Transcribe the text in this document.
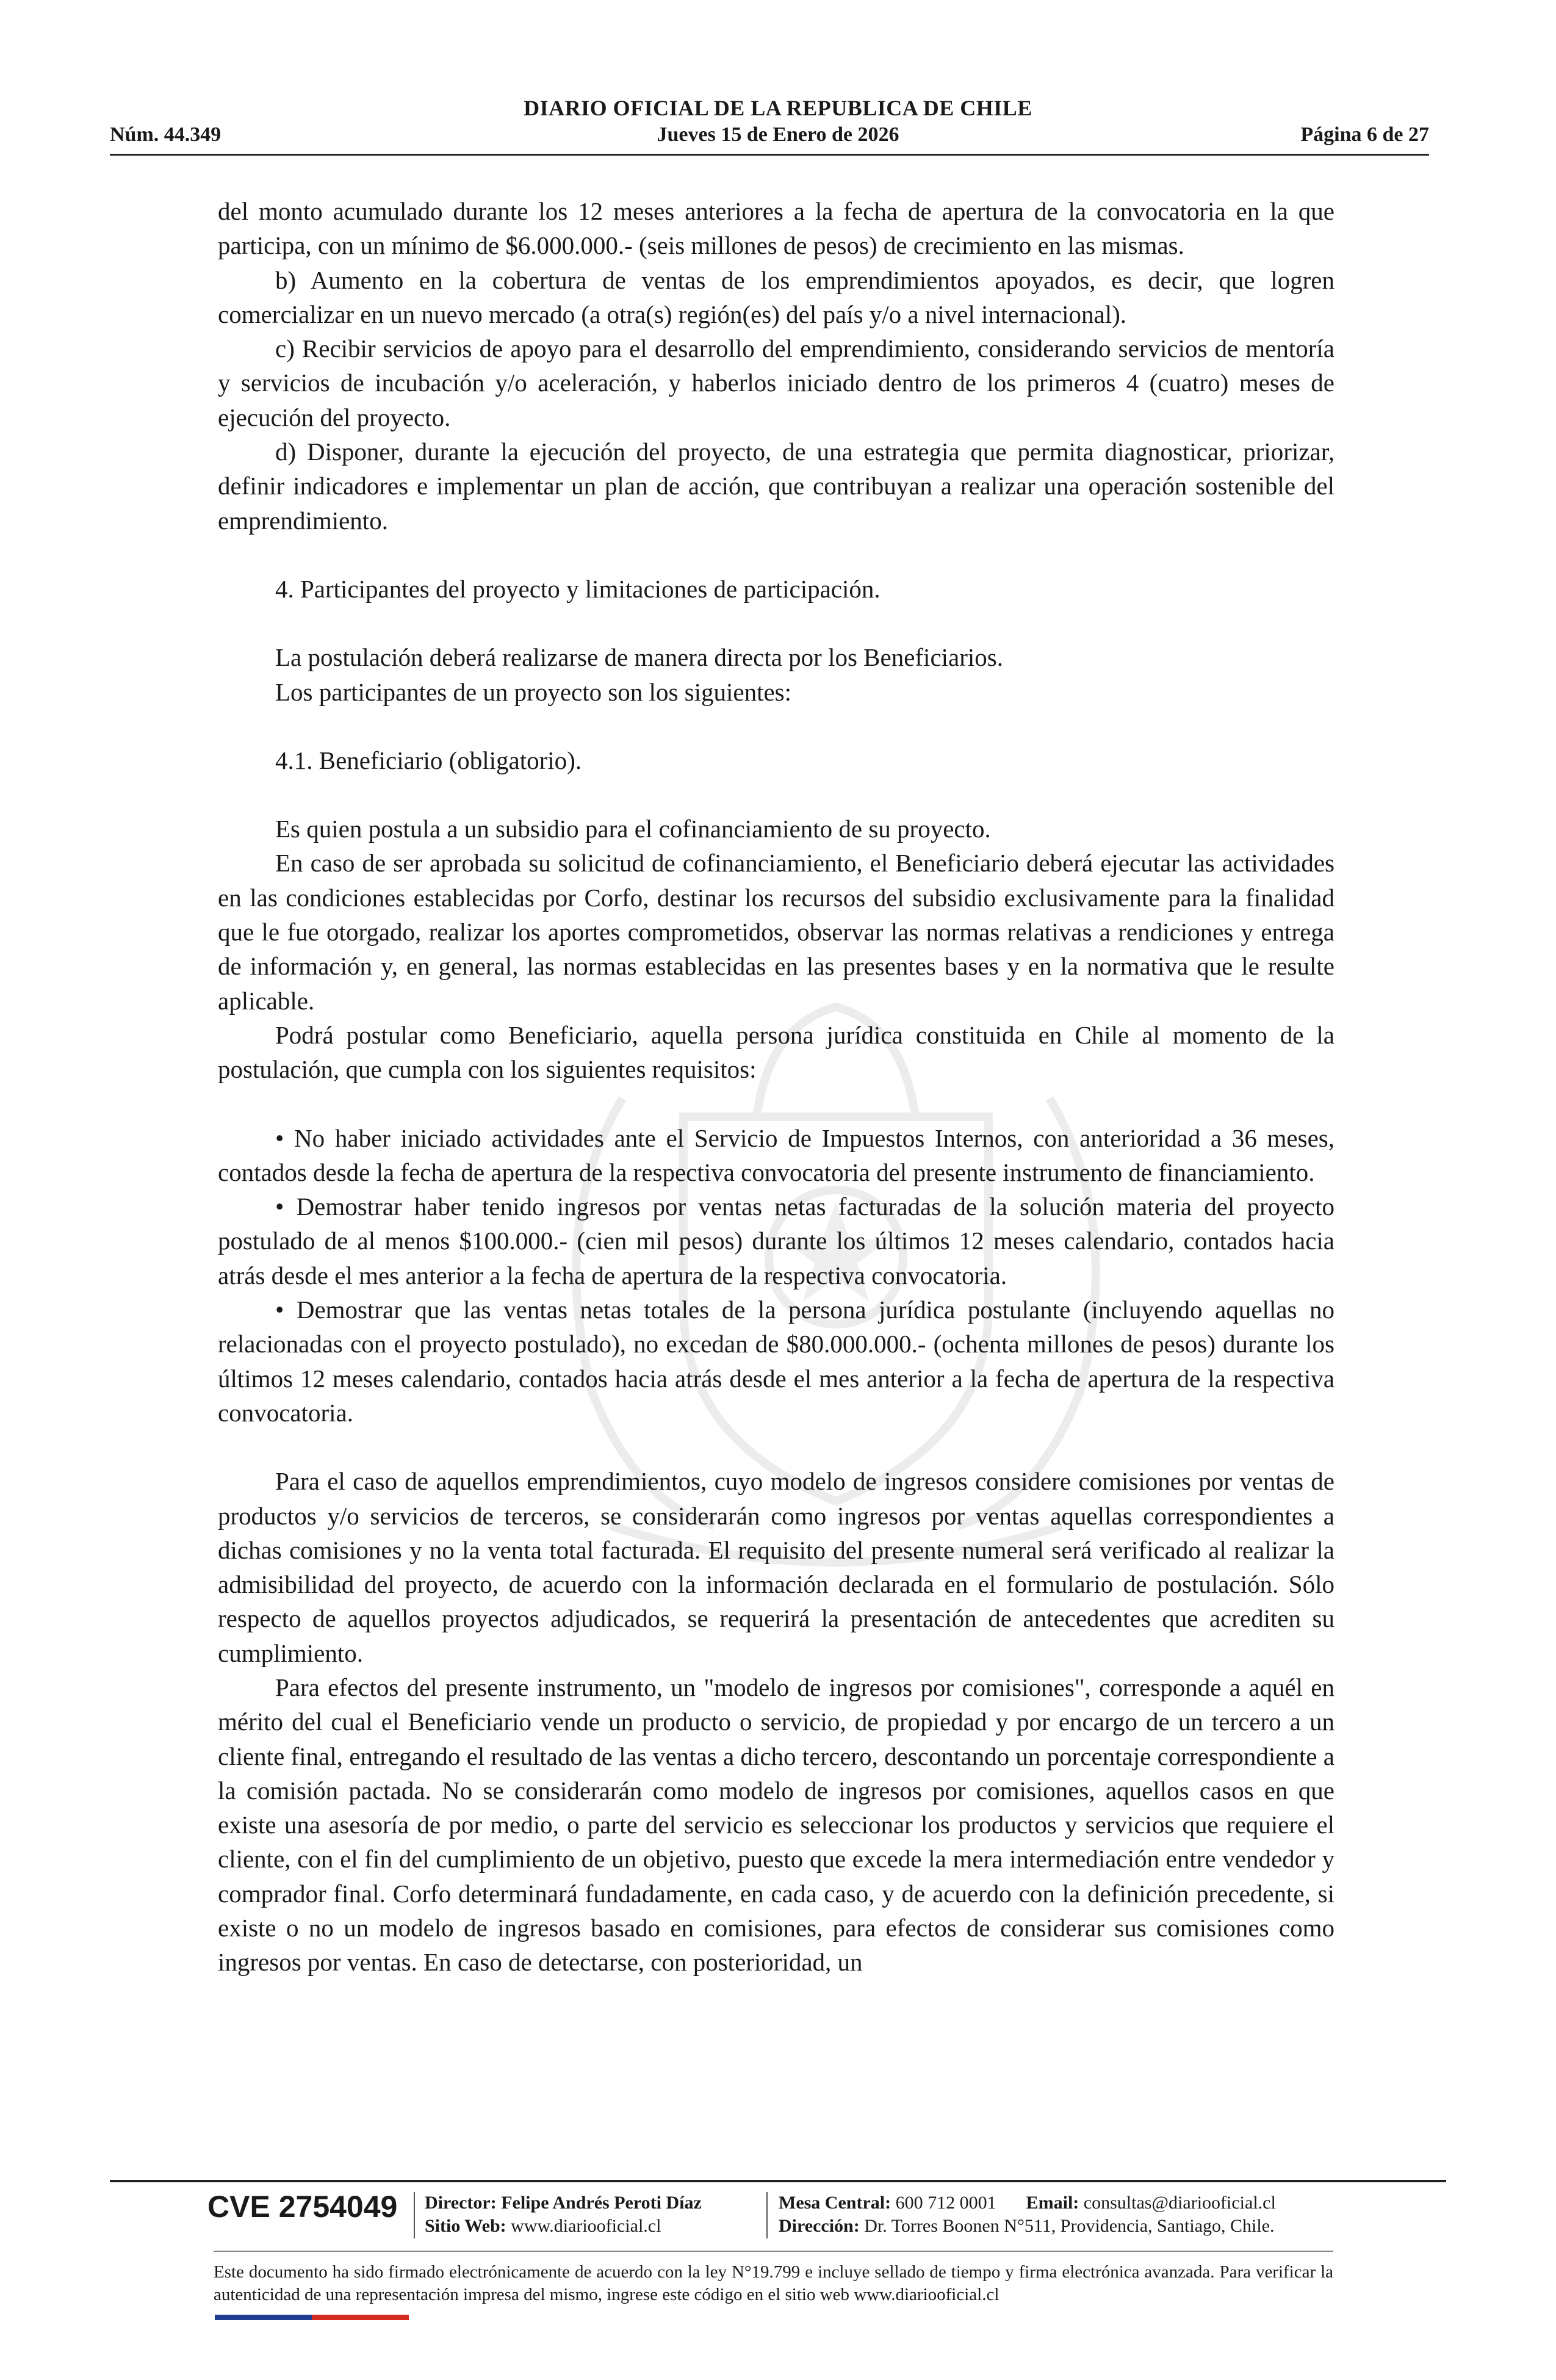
DIARIO OFICIAL DE LA REPUBLICA DE CHILE
Núm. 44.349	Jueves 15 de Enero de 2026	Página 6 de 27

del monto acumulado durante los 12 meses anteriores a la fecha de apertura de la convocatoria en la que participa, con un mínimo de $6.000.000.- (seis millones de pesos) de crecimiento en las mismas.

b) Aumento en la cobertura de ventas de los emprendimientos apoyados, es decir, que logren comercializar en un nuevo mercado (a otra(s) región(es) del país y/o a nivel internacional).

c) Recibir servicios de apoyo para el desarrollo del emprendimiento, considerando servicios de mentoría y servicios de incubación y/o aceleración, y haberlos iniciado dentro de los primeros 4 (cuatro) meses de ejecución del proyecto.

d) Disponer, durante la ejecución del proyecto, de una estrategia que permita diagnosticar, priorizar, definir indicadores e implementar un plan de acción, que contribuyan a realizar una operación sostenible del emprendimiento.

4. Participantes del proyecto y limitaciones de participación.

La postulación deberá realizarse de manera directa por los Beneficiarios.

Los participantes de un proyecto son los siguientes:

4.1. Beneficiario (obligatorio).

Es quien postula a un subsidio para el cofinanciamiento de su proyecto.

En caso de ser aprobada su solicitud de cofinanciamiento, el Beneficiario deberá ejecutar las actividades en las condiciones establecidas por Corfo, destinar los recursos del subsidio exclusivamente para la finalidad que le fue otorgado, realizar los aportes comprometidos, observar las normas relativas a rendiciones y entrega de información y, en general, las normas establecidas en las presentes bases y en la normativa que le resulte aplicable.

Podrá postular como Beneficiario, aquella persona jurídica constituida en Chile al momento de la postulación, que cumpla con los siguientes requisitos:

• No haber iniciado actividades ante el Servicio de Impuestos Internos, con anterioridad a 36 meses, contados desde la fecha de apertura de la respectiva convocatoria del presente instrumento de financiamiento.

• Demostrar haber tenido ingresos por ventas netas facturadas de la solución materia del proyecto postulado de al menos $100.000.- (cien mil pesos) durante los últimos 12 meses calendario, contados hacia atrás desde el mes anterior a la fecha de apertura de la respectiva convocatoria.

• Demostrar que las ventas netas totales de la persona jurídica postulante (incluyendo aquellas no relacionadas con el proyecto postulado), no excedan de $80.000.000.- (ochenta millones de pesos) durante los últimos 12 meses calendario, contados hacia atrás desde el mes anterior a la fecha de apertura de la respectiva convocatoria.

Para el caso de aquellos emprendimientos, cuyo modelo de ingresos considere comisiones por ventas de productos y/o servicios de terceros, se considerarán como ingresos por ventas aquellas correspondientes a dichas comisiones y no la venta total facturada. El requisito del presente numeral será verificado al realizar la admisibilidad del proyecto, de acuerdo con la información declarada en el formulario de postulación. Sólo respecto de aquellos proyectos adjudicados, se requerirá la presentación de antecedentes que acrediten su cumplimiento.

Para efectos del presente instrumento, un "modelo de ingresos por comisiones", corresponde a aquél en mérito del cual el Beneficiario vende un producto o servicio, de propiedad y por encargo de un tercero a un cliente final, entregando el resultado de las ventas a dicho tercero, descontando un porcentaje correspondiente a la comisión pactada. No se considerarán como modelo de ingresos por comisiones, aquellos casos en que existe una asesoría de por medio, o parte del servicio es seleccionar los productos y servicios que requiere el cliente, con el fin del cumplimiento de un objetivo, puesto que excede la mera intermediación entre vendedor y comprador final. Corfo determinará fundadamente, en cada caso, y de acuerdo con la definición precedente, si existe o no un modelo de ingresos basado en comisiones, para efectos de considerar sus comisiones como ingresos por ventas. En caso de detectarse, con posterioridad, un

CVE 2754049 Director: Felipe Andrés Peroti Díaz
Sitio Web: www.diariooficial.cl
Mesa Central: 600 712 0001 Email: consultas@diariooficial.cl
Dirección: Dr. Torres Boonen N°511, Providencia, Santiago, Chile.
Este documento ha sido firmado electrónicamente de acuerdo con la ley N°19.799 e incluye sellado de tiempo y firma electrónica avanzada. Para verificar la autenticidad de una representación impresa del mismo, ingrese este código en el sitio web www.diariooficial.cl
